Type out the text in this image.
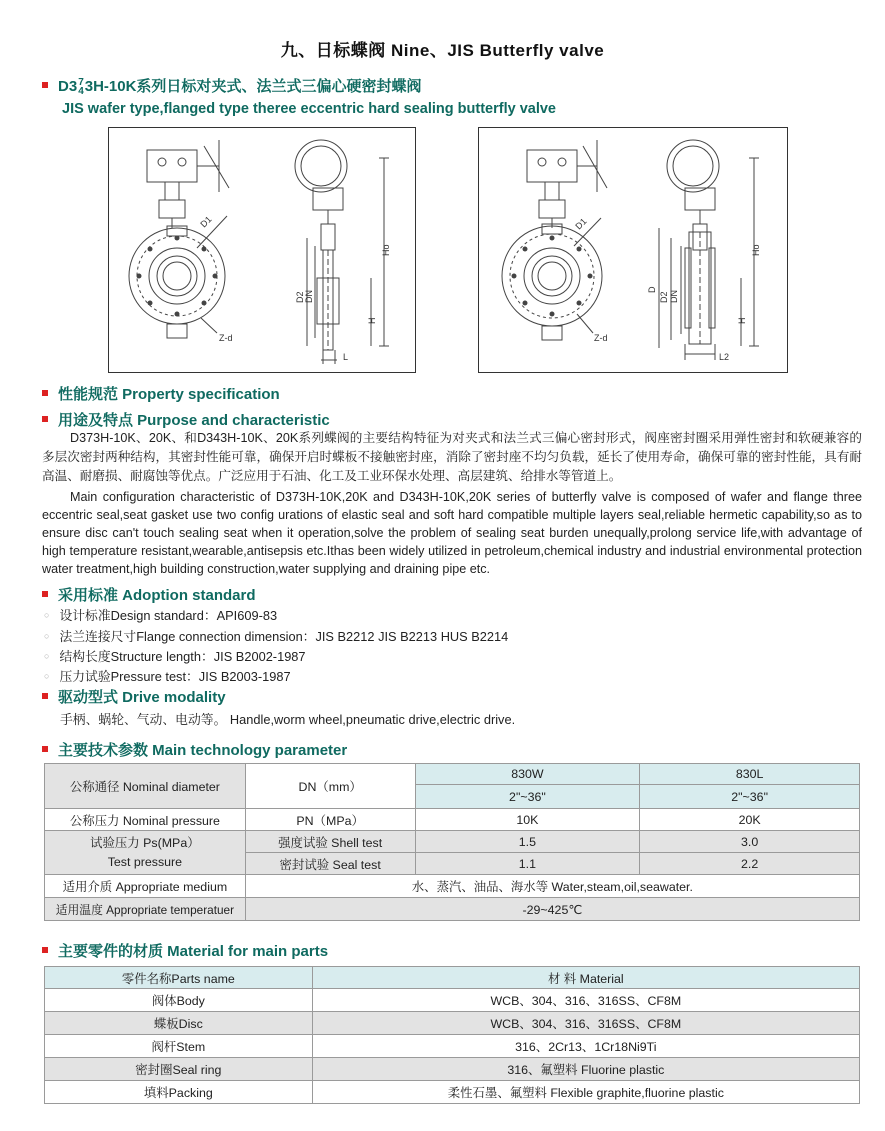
九、日标蝶阀 Nine、JIS Butterfly valve
D3 7
4 3H-10K系列日标对夹式、法兰式三偏心硬密封蝶阀
JIS wafer type,flanged type theree eccentric hard sealing butterfly valve
D1
Z-d
D2 DN
Ho
H
L
D1
Z-d
D
D2 DN
Ho
H
L2
性能规范 Property specification
用途及特点 Purpose and characteristic

D373H-10K、20K、和D343H-10K、20K系列蝶阀的主要结构特征为对夹式和法兰式三偏心密封形式，阀座密封圈采用弹性密封和软硬兼容的多层次密封两种结构，其密封性能可靠，确保开启时蝶板不接触密封座，消除了密封座不均匀负载，延长了使用寿命，确保可靠的密封性能，具有耐高温、耐磨损、耐腐蚀等优点。广泛应用于石油、化工及工业环保水处理、高层建筑、给排水等管道上。

Main configuration characteristic of D373H-10K,20K and D343H-10K,20K series of butterfly valve is composed of wafer and flange three eccentric seal,seat gasket use two config urations of elastic seal and soft hard compatible multiple layers seal,reliable hermetic capability,so as to ensure disc can't touch sealing seat when it operation,solve the problem of sealing seat burden unequally,prolong service life,with advantage of high temperature resistant,wearable,antisepsis etc.Ithas been widely utilized in petroleum,chemical industry and industrial environmental protection water treatment,high building construction,water supplying and draining pipe etc.

采用标准 Adoption standard
○ 设计标准Design standard：API609-83
○ 法兰连接尺寸Flange connection dimension：JIS B2212 JIS B2213 HUS B2214
○ 结构长度Structure length：JIS B2002-1987
○ 压力试验Pressure test：JIS B2003-1987
驱动型式 Drive modality
手柄、蜗轮、气动、电动等。 Handle,worm wheel,pneumatic drive,electric drive.
主要技术参数 Main technology parameter
公称通径 Nominal diameter	DN（mm）	830W	830L
		2"~36"	2"~36"
公称压力 Nominal pressure	PN（MPa）	10K	20K

试验压力 Ps(MPa）
Test pressure	强度试验 Shell test	1.5	3.0
	密封试验 Seal test	1.1	2.2
适用介质 Appropriate medium	水、蒸汽、油品、海水等 Water,steam,oil,seawater.		
适用温度 Appropriate temperatuer	-29~425℃		
主要零件的材质 Material for main parts
零件名称Parts name	材 料 Material
阀体Body	WCB、304、316、316SS、CF8M
蝶板Disc	WCB、304、316、316SS、CF8M
阀杆Stem	316、2Cr13、1Cr18Ni9Ti
密封圈Seal ring	316、氟塑料 Fluorine plastic
填料Packing	柔性石墨、氟塑料 Flexible graphite,fluorine plastic
